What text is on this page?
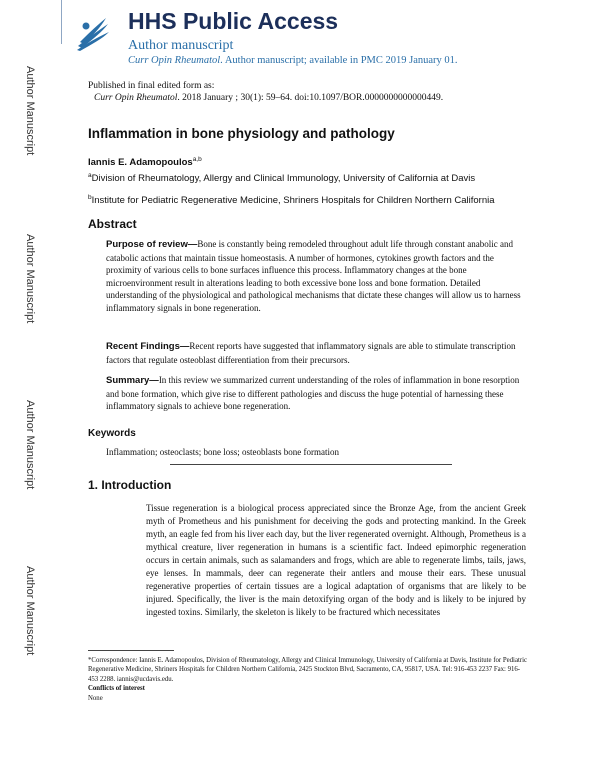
Author Manuscript
Author Manuscript
Author Manuscript
Author Manuscript
HHS Public Access
Author manuscript
Curr Opin Rheumatol. Author manuscript; available in PMC 2019 January 01.
Published in final edited form as:
Curr Opin Rheumatol. 2018 January ; 30(1): 59–64. doi:10.1097/BOR.0000000000000449.
Inflammation in bone physiology and pathology
Iannis E. Adamopoulos$^{a,b}$
$^a$Division of Rheumatology, Allergy and Clinical Immunology, University of California at Davis
$^b$Institute for Pediatric Regenerative Medicine, Shriners Hospitals for Children Northern California
Abstract
Purpose of review—Bone is constantly being remodeled throughout adult life through constant anabolic and catabolic actions that maintain tissue homeostasis. A number of hormones, cytokines growth factors and the proximity of various cells to bone surfaces influence this process. Inflammatory changes at the bone microenvironment result in alterations leading to both excessive bone loss and bone formation. Detailed understanding of the physiological and pathological mechanisms that dictate these changes will allow us to harness inflammatory signals in bone regeneration.
Recent Findings—Recent reports have suggested that inflammatory signals are able to stimulate transcription factors that regulate osteoblast differentiation from their precursors.
Summary—In this review we summarized current understanding of the roles of inflammation in bone resorption and bone formation, which give rise to different pathologies and discuss the huge potential of harnessing these inflammatory signals to achieve bone regeneration.
Keywords
Inflammation; osteoclasts; bone loss; osteoblasts bone formation
1. Introduction
Tissue regeneration is a biological process appreciated since the Bronze Age, from the ancient Greek myth of Prometheus and his punishment for deceiving the gods and protecting mankind. In the Greek myth, an eagle fed from his liver each day, but the liver regenerated overnight. Although, Prometheus is a mythical creature, liver regeneration in humans is a scientific fact. Indeed epimorphic regeneration occurs in certain animals, such as salamanders and frogs, which are able to regenerate limbs, tails, jaws, eye lenses. In mammals, deer can regenerate their antlers and mouse their ears. These unusual regenerative properties of certain tissues are a logical adaptation of organisms that are likely to be injured. Specifically, the liver is the main detoxifying organ of the body and is likely to be injured by ingested toxins. Similarly, the skeleton is likely to be fractured which necessitates
*Correspondence: Iannis E. Adamopoulos, Division of Rheumatology, Allergy and Clinical Immunology, University of California at Davis, Institute for Pediatric Regenerative Medicine, Shriners Hospitals for Children Northern California, 2425 Stockton Blvd, Sacramento, CA, 95817, USA. Tel: 916-453 2237 Fax: 916-453 2288. iannis@ucdavis.edu.
Conflicts of interest
None
